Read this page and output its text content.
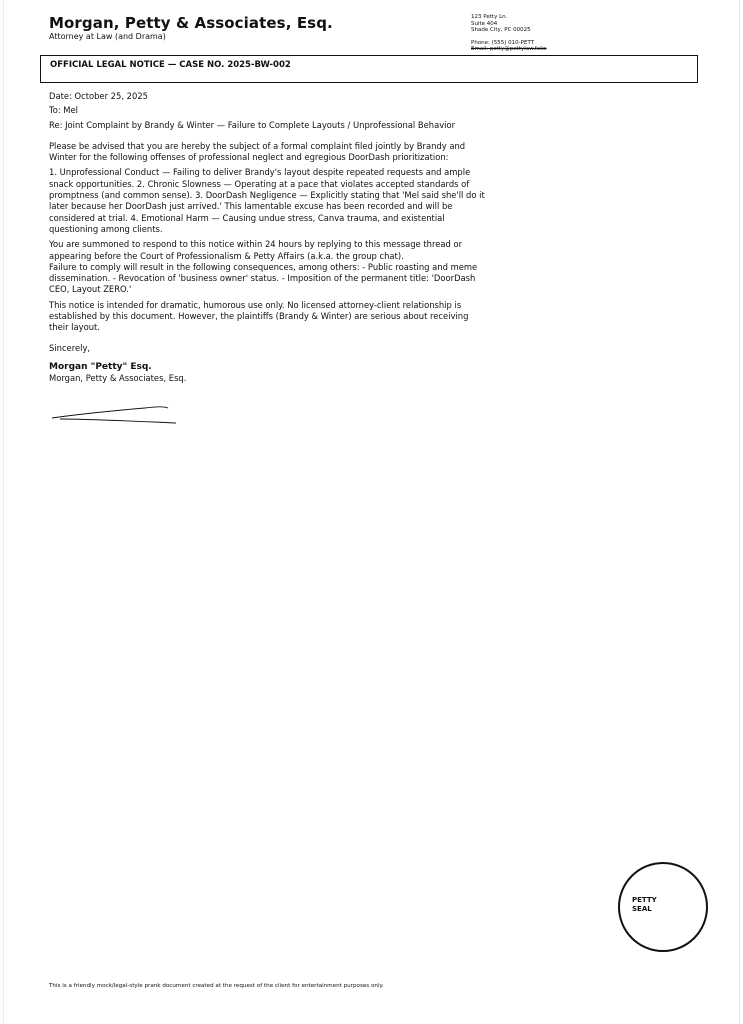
Morgan, Petty & Associates, Esq.
Attorney at Law (and Drama)
123 Petty Ln.
Suite 404
Shade City, PC 00025
Phone: (555) 010-PETT
Email: petty@pettylaw.fake
OFFICIAL LEGAL NOTICE — CASE NO. 2025-BW-002

Date: October 25, 2025

To: Mel

Re: Joint Complaint by Brandy & Winter — Failure to Complete Layouts / Unprofessional Behavior

Please be advised that you are hereby the subject of a formal complaint filed jointly by Brandy and Winter for the following offenses of professional neglect and egregious DoorDash prioritization:

1. Unprofessional Conduct — Failing to deliver Brandy's layout despite repeated requests and ample snack opportunities. 2. Chronic Slowness — Operating at a pace that violates accepted standards of promptness (and common sense). 3. DoorDash Negligence — Explicitly stating that 'Mel said she'll do it later because her DoorDash just arrived.' This lamentable excuse has been recorded and will be considered at trial. 4. Emotional Harm — Causing undue stress, Canva trauma, and existential questioning among clients.

You are summoned to respond to this notice within 24 hours by replying to this message thread or appearing before the Court of Professionalism & Petty Affairs (a.k.a. the group chat).

Failure to comply will result in the following consequences, among others: - Public roasting and meme dissemination. - Revocation of 'business owner' status. - Imposition of the permanent title: 'DoorDash CEO, Layout ZERO.'

This notice is intended for dramatic, humorous use only. No licensed attorney-client relationship is established by this document. However, the plaintiffs (Brandy & Winter) are serious about receiving their layout.

Sincerely,

Morgan "Petty" Esq.

Morgan, Petty & Associates, Esq.

PETTY
SEAL
This is a friendly mock/legal-style prank document created at the request of the client for entertainment purposes only.
